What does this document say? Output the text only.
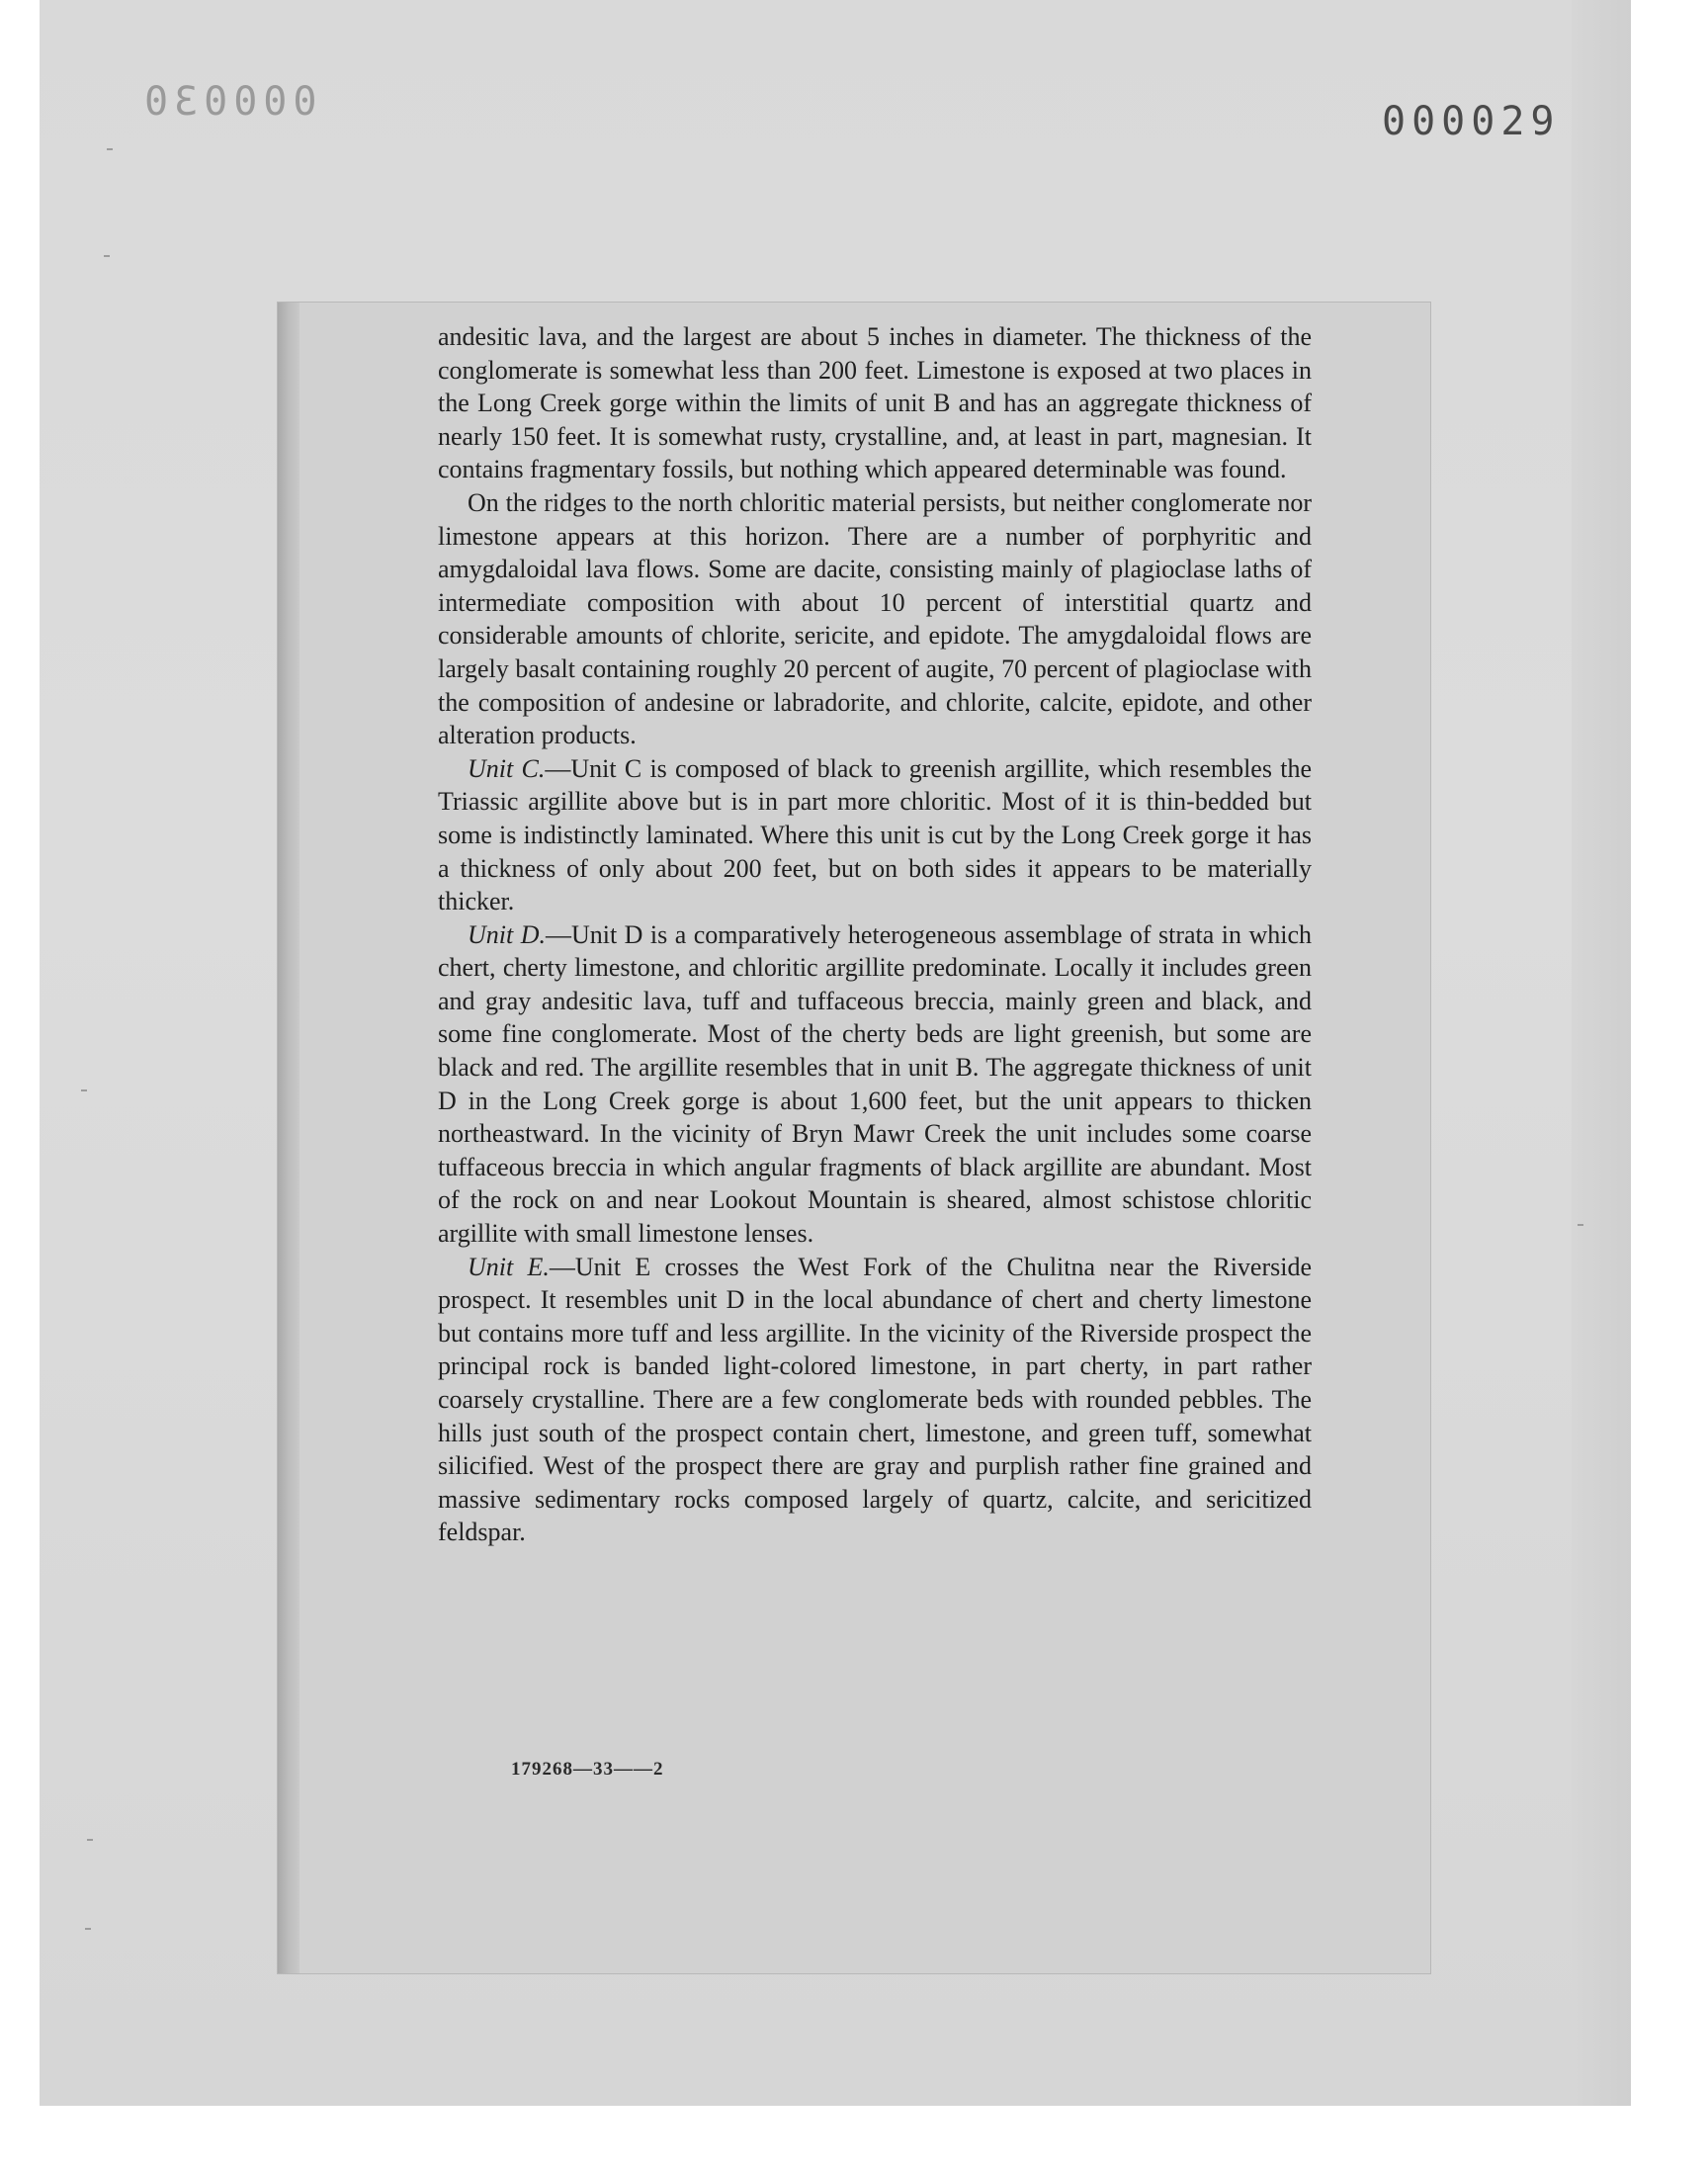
000030	000029

andesitic lava, and the largest are about 5 inches in diameter. The thickness of the conglomerate is somewhat less than 200 feet. Limestone is exposed at two places in the Long Creek gorge within the limits of unit B and has an aggregate thickness of nearly 150 feet. It is somewhat rusty, crystalline, and, at least in part, magnesian. It contains fragmentary fossils, but nothing which appeared determinable was found.

On the ridges to the north chloritic material persists, but neither conglomerate nor limestone appears at this horizon. There are a number of porphyritic and amygdaloidal lava flows. Some are dacite, consisting mainly of plagioclase laths of intermediate composition with about 10 percent of interstitial quartz and considerable amounts of chlorite, sericite, and epidote. The amygdaloidal flows are largely basalt containing roughly 20 percent of augite, 70 percent of plagioclase with the composition of andesine or labradorite, and chlorite, calcite, epidote, and other alteration products.

Unit C.—Unit C is composed of black to greenish argillite, which resembles the Triassic argillite above but is in part more chloritic. Most of it is thin-bedded but some is indistinctly laminated. Where this unit is cut by the Long Creek gorge it has a thickness of only about 200 feet, but on both sides it appears to be materially thicker.

Unit D.—Unit D is a comparatively heterogeneous assemblage of strata in which chert, cherty limestone, and chloritic argillite predominate. Locally it includes green and gray andesitic lava, tuff and tuffaceous breccia, mainly green and black, and some fine conglomerate. Most of the cherty beds are light greenish, but some are black and red. The argillite resembles that in unit B. The aggregate thickness of unit D in the Long Creek gorge is about 1,600 feet, but the unit appears to thicken northeastward. In the vicinity of Bryn Mawr Creek the unit includes some coarse tuffaceous breccia in which angular fragments of black argillite are abundant. Most of the rock on and near Lookout Mountain is sheared, almost schistose chloritic argillite with small limestone lenses.

Unit E.—Unit E crosses the West Fork of the Chulitna near the Riverside prospect. It resembles unit D in the local abundance of chert and cherty limestone but contains more tuff and less argillite. In the vicinity of the Riverside prospect the principal rock is banded light-colored limestone, in part cherty, in part rather coarsely crystalline. There are a few conglomerate beds with rounded pebbles. The hills just south of the prospect contain chert, limestone, and green tuff, somewhat silicified. West of the prospect there are gray and purplish rather fine grained and massive sedimentary rocks composed largely of quartz, calcite, and sericitized feldspar.

179268—33——2
